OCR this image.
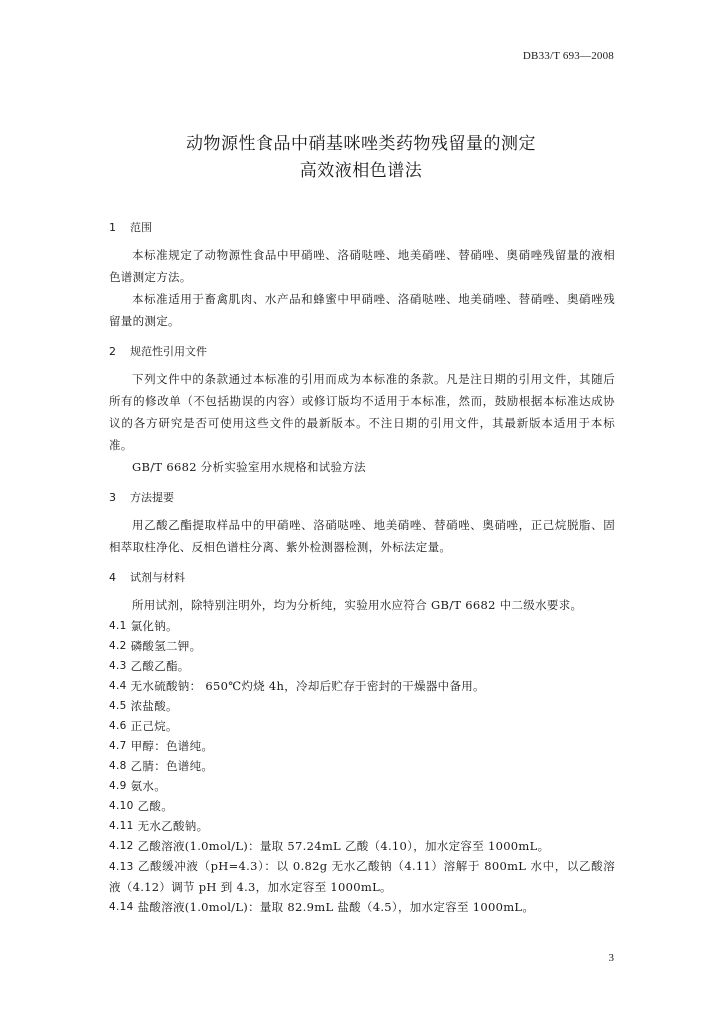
DB33/T 693—2008
动物源性食品中硝基咪唑类药物残留量的测定
高效液相色谱法
1	范围
本标准规定了动物源性食品中甲硝唑、洛硝哒唑、地美硝唑、替硝唑、奥硝唑残留量的液相色谱测定方法。
本标准适用于畜禽肌肉、水产品和蜂蜜中甲硝唑、洛硝哒唑、地美硝唑、替硝唑、奥硝唑残留量的测定。
2	规范性引用文件
下列文件中的条款通过本标准的引用而成为本标准的条款。凡是注日期的引用文件，其随后所有的修改单（不包括勘误的内容）或修订版均不适用于本标准，然而，鼓励根据本标准达成协议的各方研究是否可使用这些文件的最新版本。不注日期的引用文件，其最新版本适用于本标准。
GB/T 6682 分析实验室用水规格和试验方法
3	方法提要
用乙酸乙酯提取样品中的甲硝唑、洛硝哒唑、地美硝唑、替硝唑、奥硝唑，正己烷脱脂、固相萃取柱净化、反相色谱柱分离、紫外检测器检测，外标法定量。
4	试剂与材料
所用试剂，除特别注明外，均为分析纯，实验用水应符合 GB/T 6682 中二级水要求。
4.1 氯化钠。
4.2 磷酸氢二钾。
4.3 乙酸乙酯。
4.4 无水硫酸钠： 650℃灼烧 4h，冷却后贮存于密封的干燥器中备用。
4.5 浓盐酸。
4.6 正己烷。
4.7 甲醇：色谱纯。
4.8 乙腈：色谱纯。
4.9 氨水。
4.10 乙酸。
4.11 无水乙酸钠。
4.12 乙酸溶液(1.0mol/L)：量取 57.24mL 乙酸（4.10），加水定容至 1000mL。
4.13 乙酸缓冲液（pH=4.3）：以 0.82g 无水乙酸钠（4.11）溶解于 800mL 水中，以乙酸溶液（4.12）调节 pH 到 4.3，加水定容至 1000mL。
4.14 盐酸溶液(1.0mol/L)：量取 82.9mL 盐酸（4.5），加水定容至 1000mL。
3
